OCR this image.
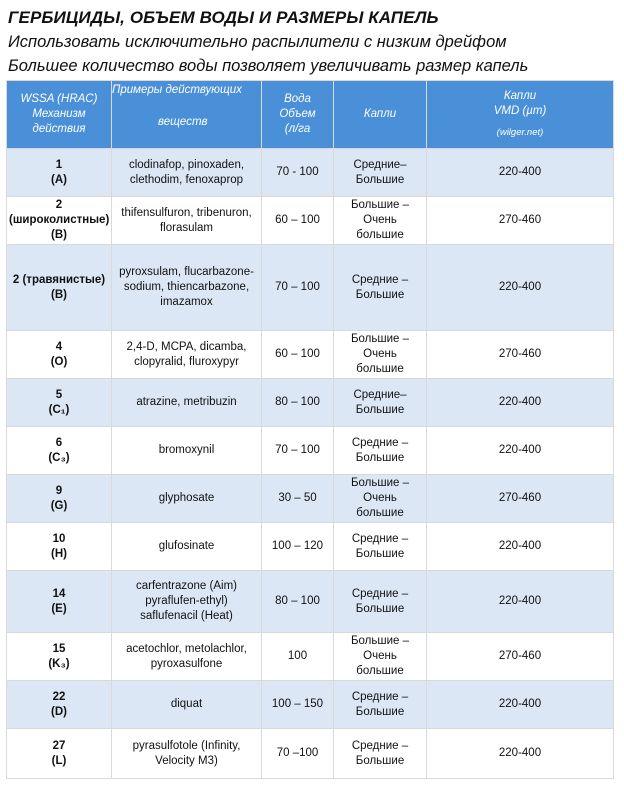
ГЕРБИЦИДЫ, ОБЪЕМ ВОДЫ И РАЗМЕРЫ КАПЕЛЬ
Использовать исключительно распылители с низким дрейфом
Большее количество воды позволяет увеличивать размер капель
WSSA (HRAC)
Механизм
действия	Примеры действующих
веществ	Вода
Объем
(л/га	Капли	Капли
VMD (µm)
(wilger.net)

1
(A)	clodinafop, pinoxaden, clethodim, fenoxaprop	70 - 100	Средние– Большие	220-400

2 (широколистные)
(B)	thifensulfuron, tribenuron, florasulam	60 – 100	Большие – Очень большие	270-460

2 (травянистые)
(B)	pyroxsulam, flucarbazone-sodium, thiencarbazone, imazamox	70 – 100	Средние – Большие	220-400

4
(O)	2,4-D, MCPA, dicamba, clopyralid, fluroxypyr	60 – 100	Большие – Очень большие	270-460

5
(C₁)	atrazine, metribuzin	80 – 100	Средние– Большие	220-400

6
(C₃)	bromoxynil	70 – 100	Средние – Большие	220-400

9
(G)	glyphosate	30 – 50	Большие – Очень большие	270-460

10
(H)	glufosinate	100 – 120	Средние – Большие	220-400

14
(E)	carfentrazone (Aim) pyraflufen-ethyl) saflufenacil (Heat)	80 – 100	Средние – Большие	220-400

15
(K₃)	acetochlor, metolachlor, pyroxasulfone	100	Большие – Очень большие	270-460

22
(D)	diquat	100 – 150	Средние – Большие	220-400

27
(L)	pyrasulfotole (Infinity, Velocity M3)	70 –100	Средние – Большие	220-400
